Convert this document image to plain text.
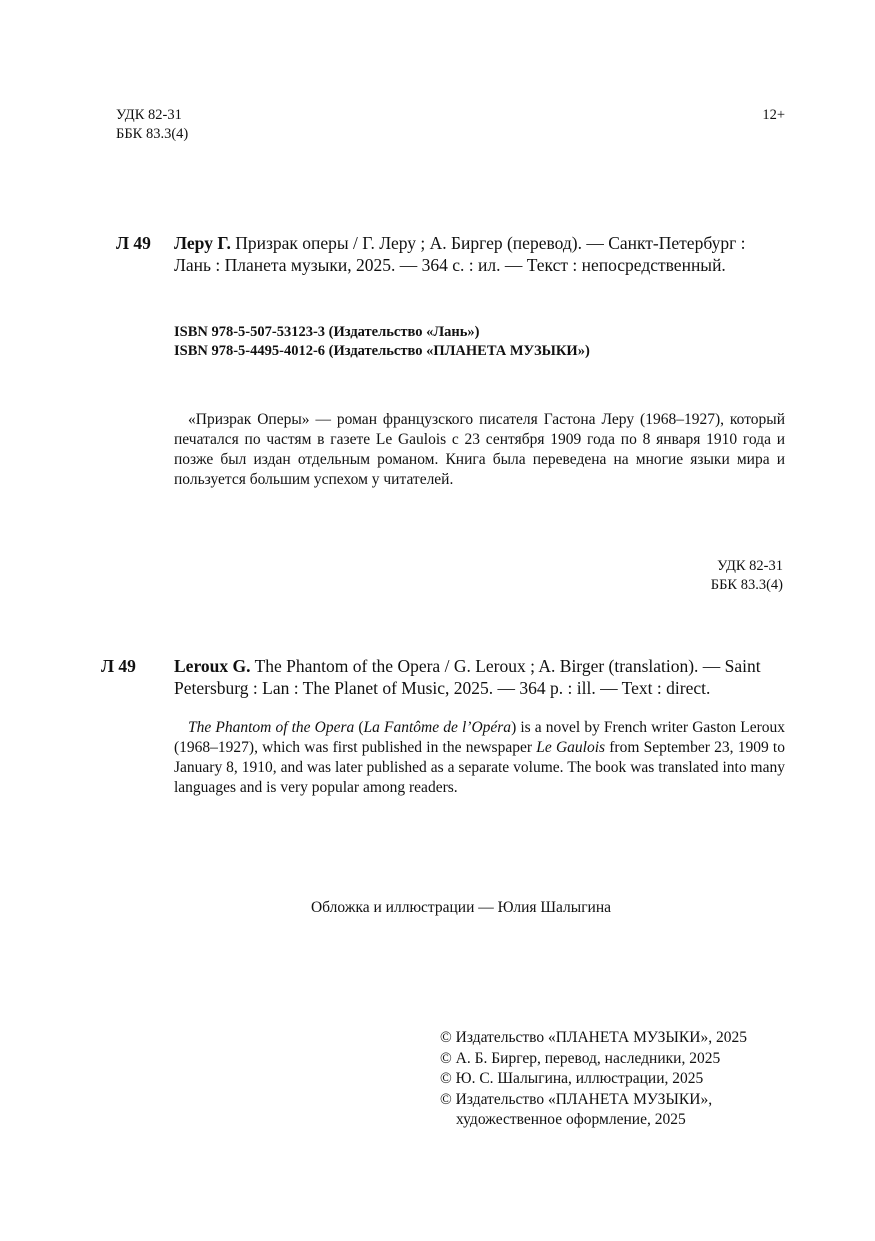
УДК 82-31
ББК 83.3(4)
12+
Л 49 Леру Г. Призрак оперы / Г. Леру ; А. Биргер (перевод). — Санкт-Петербург :
Лань : Планета музыки, 2025. — 364 с. : ил. — Текст : непосредственный.
ISBN 978-5-507-53123-3 (Издательство «Лань»)
ISBN 978-5-4495-4012-6 (Издательство «ПЛАНЕТА МУЗЫКИ»)
«Призрак Оперы» — роман французского писателя Гастона Леру (1968–1927), который печатался по частям в газете Le Gaulois с 23 сентября 1909 года по 8 января 1910 года и позже был издан отдельным романом. Книга была переведена на многие языки мира и пользуется большим успехом у читателей.
УДК 82-31
ББК 83.3(4)
Л 49 Leroux G. The Phantom of the Opera / G. Leroux ; A. Birger (translation). — Saint
Petersburg : Lan : The Planet of Music, 2025. — 364 p. : ill. — Text : direct.
The Phantom of the Opera (La Fantôme de l’Opéra) is a novel by French writer Gaston Leroux (1968–1927), which was first published in the newspaper Le Gaulois from September 23, 1909 to January 8, 1910, and was later published as a separate volume. The book was translated into many languages and is very popular among readers.
Обложка и иллюстрации — Юлия Шалыгина
© Издательство «ПЛАНЕТА МУЗЫКИ», 2025
© А. Б. Биргер, перевод, наследники, 2025
© Ю. С. Шалыгина, иллюстрации, 2025
© Издательство «ПЛАНЕТА МУЗЫКИ»,
художественное оформление, 2025
